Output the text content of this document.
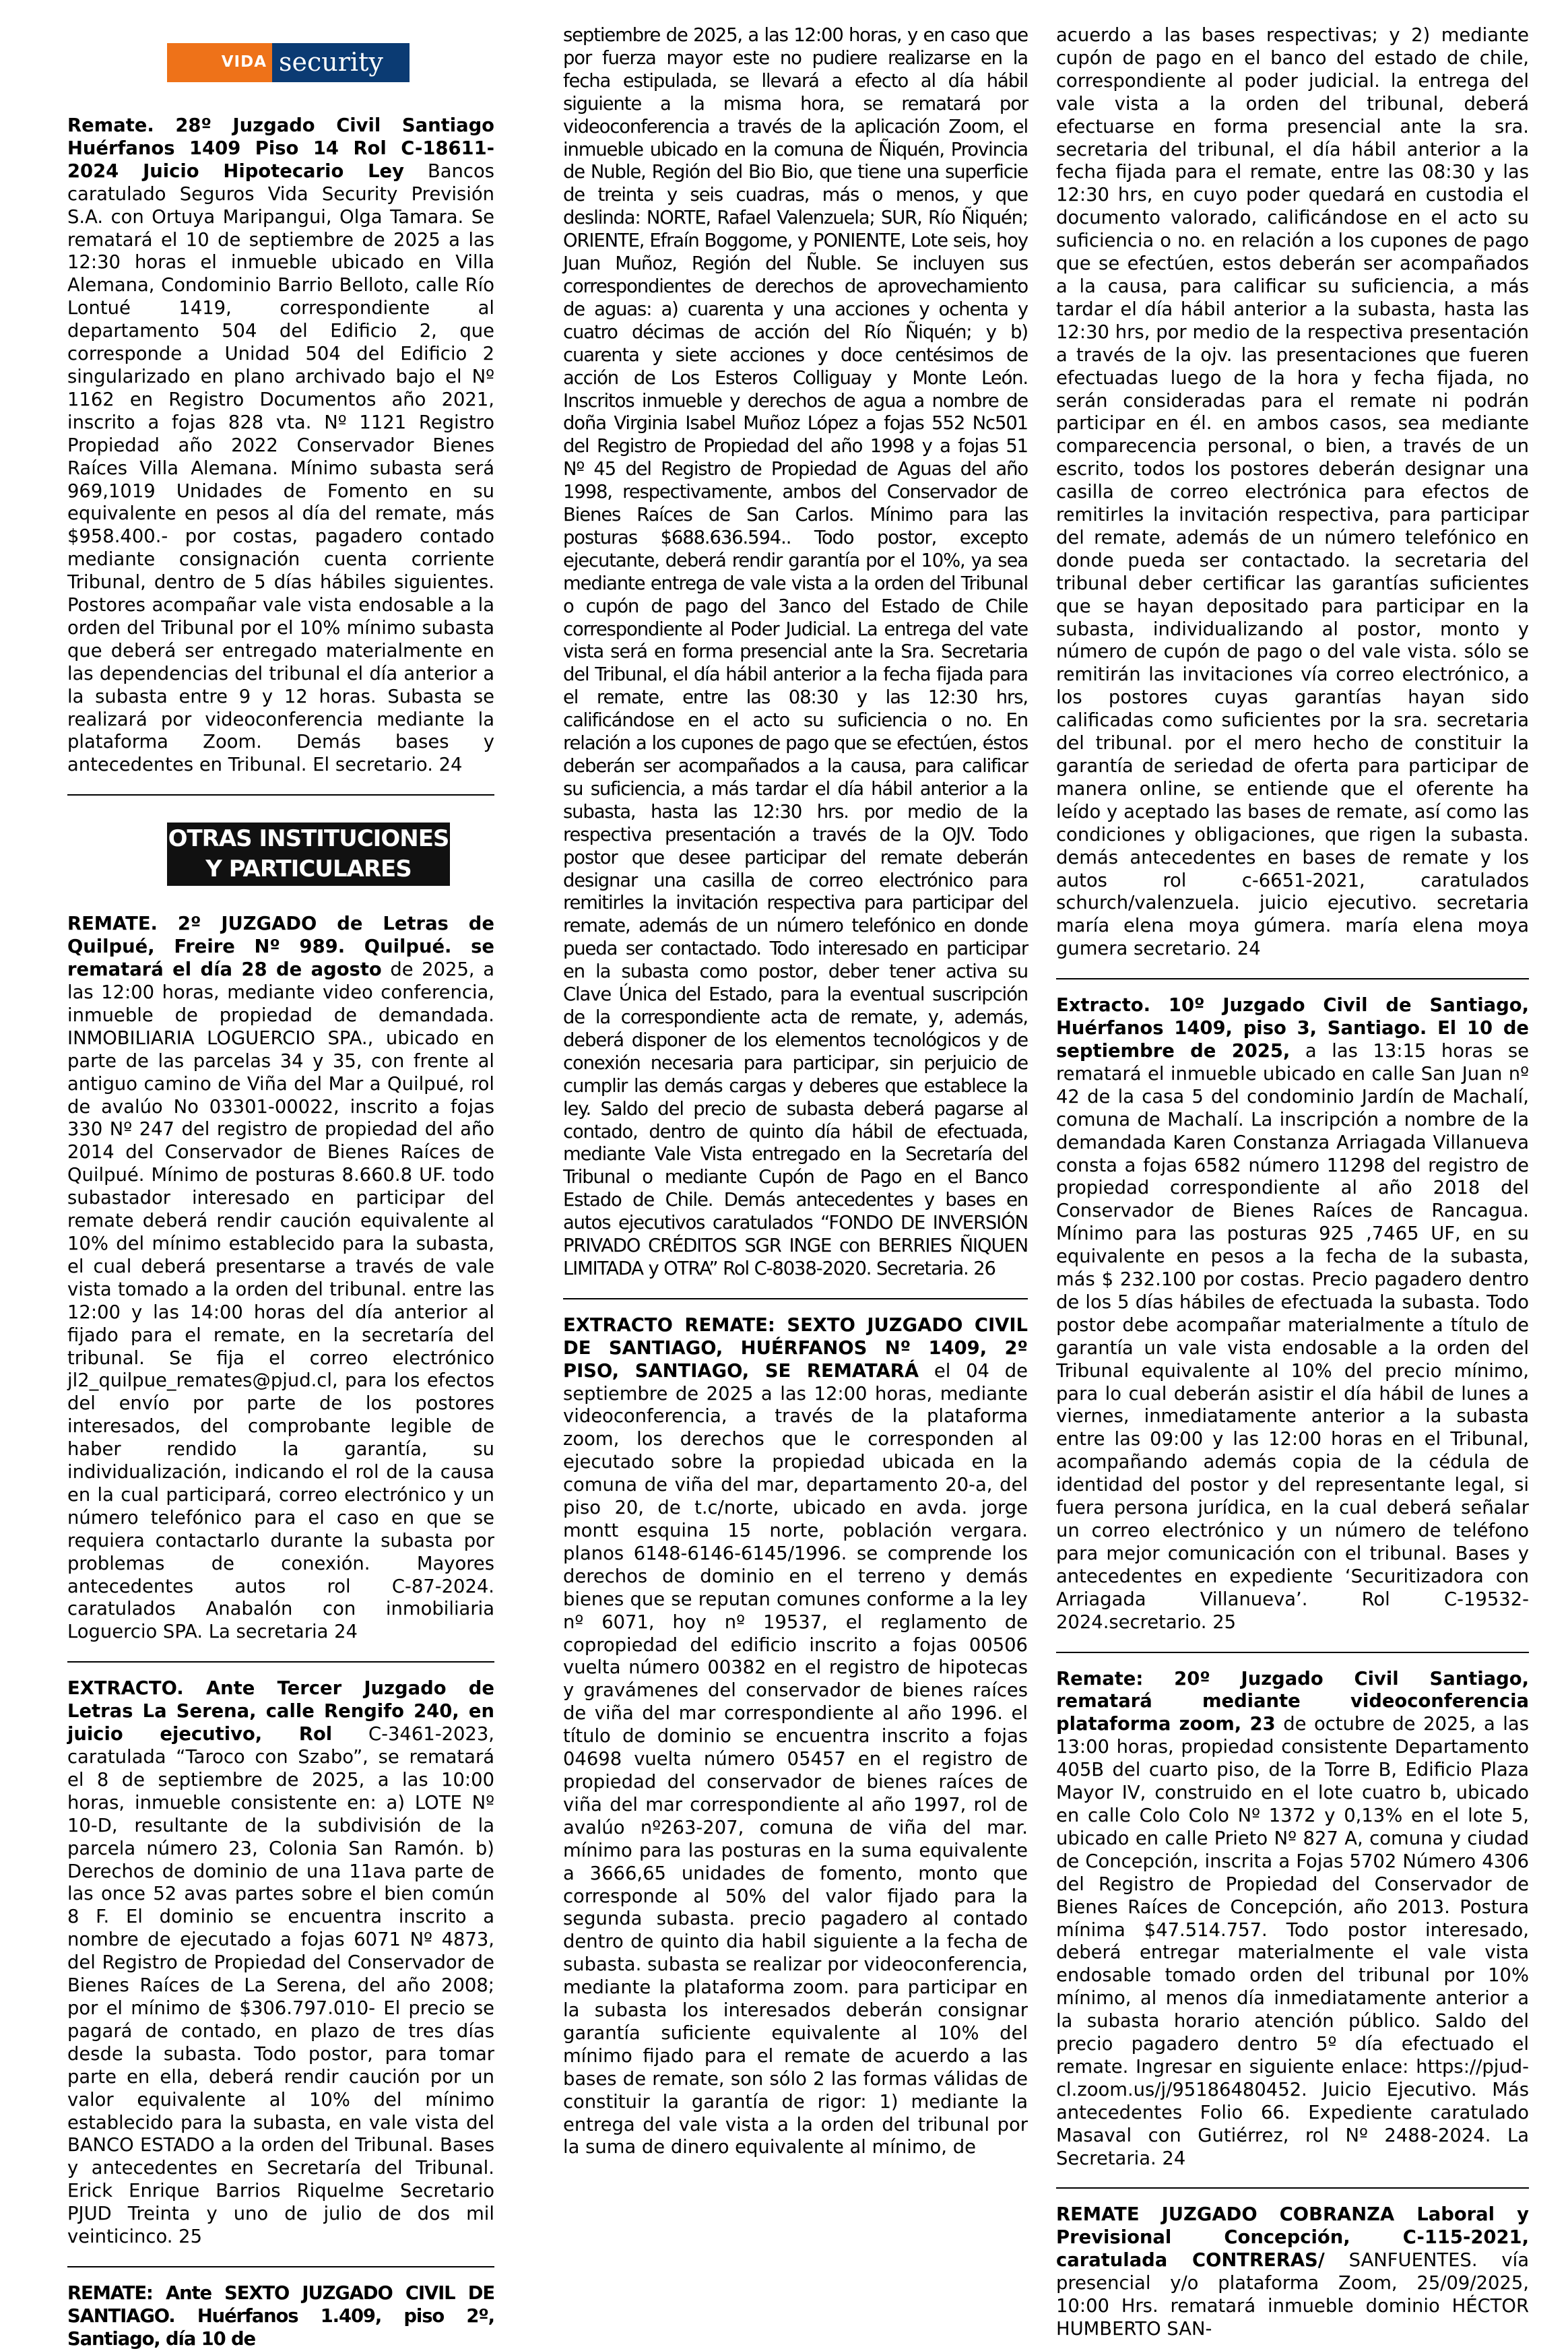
VIDA security

Remate. 28º Juzgado Civil Santiago Huérfanos 1409 Piso 14 Rol C-18611-2024 Juicio Hipotecario Ley Bancos caratulado Seguros Vida Security Previsión S.A. con Ortuya Maripangui, Olga Tamara. Se rematará el 10 de septiembre de 2025 a las 12:30 horas el inmueble ubicado en Villa Alemana, Condominio Barrio Belloto, calle Río Lontué 1419, correspondiente al departamento 504 del Edificio 2, que corresponde a Unidad 504 del Edificio 2 singularizado en plano archivado bajo el Nº 1162 en Registro Documentos año 2021, inscrito a fojas 828 vta. Nº 1121 Registro Propiedad año 2022 Conservador Bienes Raíces Villa Alemana. Mínimo subasta será 969,1019 Unidades de Fomento en su equivalente en pesos al día del remate, más $958.400.- por costas, pagadero contado mediante consignación cuenta corriente Tribunal, dentro de 5 días hábiles siguientes. Postores acompañar vale vista endosable a la orden del Tribunal por el 10% mínimo subasta que deberá ser entregado materialmente en las dependencias del tribunal el día anterior a la subasta entre 9 y 12 horas. Subasta se realizará por videoconferencia mediante la plataforma Zoom. Demás bases y antecedentes en Tribunal. El secretario. 24

OTRAS INSTITUCIONES
Y PARTICULARES

REMATE. 2º JUZGADO de Letras de Quilpué, Freire Nº 989. Quilpué. se rematará el día 28 de agosto de 2025, a las 12:00 horas, mediante video conferencia, inmueble de propiedad de demandada. INMOBILIARIA LOGUERCIO SPA., ubicado en parte de las parcelas 34 y 35, con frente al antiguo camino de Viña del Mar a Quilpué, rol de avalúo No 03301-00022, inscrito a fojas 330 Nº 247 del registro de propiedad del año 2014 del Conservador de Bienes Raíces de Quilpué. Mínimo de posturas 8.660.8 UF. todo subastador interesado en participar del remate deberá rendir caución equivalente al 10% del mínimo establecido para la subasta, el cual deberá presentarse a través de vale vista tomado a la orden del tribunal. entre las 12:00 y las 14:00 horas del día anterior al fijado para el remate, en la secretaría del tribunal. Se fija el correo electrónico jl2_quilpue_remates@pjud.cl, para los efectos del envío por parte de los postores interesados, del comprobante legible de haber rendido la garantía, su individualización, indicando el rol de la causa en la cual participará, correo electrónico y un número telefónico para el caso en que se requiera contactarlo durante la subasta por problemas de conexión. Mayores antecedentes autos rol C-87-2024. caratulados Anabalón con inmobiliaria Loguercio SPA. La secretaria 24

EXTRACTO. Ante Tercer Juzgado de Letras La Serena, calle Rengifo 240, en juicio ejecutivo, Rol C-3461-2023, caratulada “Taroco con Szabo”, se rematará el 8 de septiembre de 2025, a las 10:00 horas, inmueble consistente en: a) LOTE Nº 10-D, resultante de la subdivisión de la parcela número 23, Colonia San Ramón. b) Derechos de dominio de una 11ava parte de las once 52 avas partes sobre el bien común 8 F. El dominio se encuentra inscrito a nombre de ejecutado a fojas 6071 Nº 4873, del Registro de Propiedad del Conservador de Bienes Raíces de La Serena, del año 2008; por el mínimo de $306.797.010- El precio se pagará de contado, en plazo de tres días desde la subasta. Todo postor, para tomar parte en ella, deberá rendir caución por un valor equivalente al 10% del mínimo establecido para la subasta, en vale vista del BANCO ESTADO a la orden del Tribunal. Bases y antecedentes en Secretaría del Tribunal. Erick Enrique Barrios Riquelme Secretario PJUD Treinta y uno de julio de dos mil veinticinco. 25

REMATE: Ante SEXTO JUZGADO CIVIL DE SANTIAGO. Huérfanos 1.409, piso 2º, Santiago, día 10 de

septiembre de 2025, a las 12:00 horas, y en caso que por fuerza mayor este no pudiere realizarse en la fecha estipulada, se llevará a efecto al día hábil siguiente a la misma hora, se rematará por videoconferencia a través de la aplicación Zoom, el inmueble ubicado en la comuna de Ñiquén, Provincia de Nuble, Región del Bio Bio, que tiene una superficie de treinta y seis cuadras, más o menos, y que deslinda: NORTE, Rafael Valenzuela; SUR, Río Ñiquén; ORIENTE, Efraín Boggome, y PONIENTE, Lote seis, hoy Juan Muñoz, Región del Ñuble. Se incluyen sus correspondientes de derechos de aprovechamiento de aguas: a) cuarenta y una acciones y ochenta y cuatro décimas de acción del Río Ñiquén; y b) cuarenta y siete acciones y doce centésimos de acción de Los Esteros Colliguay y Monte León. Inscritos inmueble y derechos de agua a nombre de doña Virginia Isabel Muñoz López a fojas 552 Nc501 del Registro de Propiedad del año 1998 y a fojas 51 Nº 45 del Registro de Propiedad de Aguas del año 1998, respectivamente, ambos del Conservador de Bienes Raíces de San Carlos. Mínimo para las posturas $688.636.594.. Todo postor, excepto ejecutante, deberá rendir garantía por el 10%, ya sea mediante entrega de vale vista a la orden del Tribunal o cupón de pago del 3anco del Estado de Chile correspondiente al Poder Judicial. La entrega del vate vista será en forma presencial ante la Sra. Secretaria del Tribunal, el día hábil anterior a la fecha fijada para el remate, entre las 08:30 y las 12:30 hrs, calificándose en el acto su suficiencia o no. En relación a los cupones de pago que se efectúen, éstos deberán ser acompañados a la causa, para calificar su suficiencia, a más tardar el día hábil anterior a la subasta, hasta las 12:30 hrs. por medio de la respectiva presentación a través de la OJV. Todo postor que desee participar del remate deberán designar una casilla de correo electrónico para remitirles la invitación respectiva para participar del remate, además de un número telefónico en donde pueda ser contactado. Todo interesado en participar en la subasta como postor, deber tener activa su Clave Única del Estado, para la eventual suscripción de la correspondiente acta de remate, y, además, deberá disponer de los elementos tecnológicos y de conexión necesaria para participar, sin perjuicio de cumplir las demás cargas y deberes que establece la ley. Saldo del precio de subasta deberá pagarse al contado, dentro de quinto día hábil de efectuada, mediante Vale Vista entregado en la Secretaría del Tribunal o mediante Cupón de Pago en el Banco Estado de Chile. Demás antecedentes y bases en autos ejecutivos caratulados “FONDO DE INVERSIÓN PRIVADO CRÉDITOS SGR INGE con BERRIES ÑIQUEN LIMITADA y OTRA” Rol C-8038-2020. Secretaria. 26

EXTRACTO REMATE: SEXTO JUZGADO CIVIL DE SANTIAGO, HUÉRFANOS Nº 1409, 2º PISO, SANTIAGO, SE REMATARÁ el 04 de septiembre de 2025 a las 12:00 horas, mediante videoconferencia, a través de la plataforma zoom, los derechos que le corresponden al ejecutado sobre la propiedad ubicada en la comuna de viña del mar, departamento 20-a, del piso 20, de t.c/norte, ubicado en avda. jorge montt esquina 15 norte, población vergara. planos 6148-6146-6145/1996. se comprende los derechos de dominio en el terreno y demás bienes que se reputan comunes conforme a la ley nº 6071, hoy nº 19537, el reglamento de copropiedad del edificio inscrito a fojas 00506 vuelta número 00382 en el registro de hipotecas y gravámenes del conservador de bienes raíces de viña del mar correspondiente al año 1996. el título de dominio se encuentra inscrito a fojas 04698 vuelta número 05457 en el registro de propiedad del conservador de bienes raíces de viña del mar correspondiente al año 1997, rol de avalúo nº263-207, comuna de viña del mar. mínimo para las posturas en la suma equivalente a 3666,65 unidades de fomento, monto que corresponde al 50% del valor fijado para la segunda subasta. precio pagadero al contado dentro de quinto dia habil siguiente a la fecha de subasta. subasta se realizar por videoconferencia, mediante la plataforma zoom. para participar en la subasta los interesados deberán consignar garantía suficiente equivalente al 10% del mínimo fijado para el remate de acuerdo a las bases de remate, son sólo 2 las formas válidas de constituir la garantía de rigor: 1) mediante la entrega del vale vista a la orden del tribunal por la suma de dinero equivalente al mínimo, de

acuerdo a las bases respectivas; y 2) mediante cupón de pago en el banco del estado de chile, correspondiente al poder judicial. la entrega del vale vista a la orden del tribunal, deberá efectuarse en forma presencial ante la sra. secretaria del tribunal, el día hábil anterior a la fecha fijada para el remate, entre las 08:30 y las 12:30 hrs, en cuyo poder quedará en custodia el documento valorado, calificándose en el acto su suficiencia o no. en relación a los cupones de pago que se efectúen, estos deberán ser acompañados a la causa, para calificar su suficiencia, a más tardar el día hábil anterior a la subasta, hasta las 12:30 hrs, por medio de la respectiva presentación a través de la ojv. las presentaciones que fueren efectuadas luego de la hora y fecha fijada, no serán consideradas para el remate ni podrán participar en él. en ambos casos, sea mediante comparecencia personal, o bien, a través de un escrito, todos los postores deberán designar una casilla de correo electrónica para efectos de remitirles la invitación respectiva, para participar del remate, además de un número telefónico en donde pueda ser contactado. la secretaria del tribunal deber certificar las garantías suficientes que se hayan depositado para participar en la subasta, individualizando al postor, monto y número de cupón de pago o del vale vista. sólo se remitirán las invitaciones vía correo electrónico, a los postores cuyas garantías hayan sido calificadas como suficientes por la sra. secretaria del tribunal. por el mero hecho de constituir la garantía de seriedad de oferta para participar de manera online, se entiende que el oferente ha leído y aceptado las bases de remate, así como las condiciones y obligaciones, que rigen la subasta. demás antecedentes en bases de remate y los autos rol c-6651-2021, caratulados schurch/valenzuela. juicio ejecutivo. secretaria maría elena moya gúmera. maría elena moya gumera secretario. 24

Extracto. 10º Juzgado Civil de Santiago, Huérfanos 1409, piso 3, Santiago. El 10 de septiembre de 2025, a las 13:15 horas se rematará el inmueble ubicado en calle San Juan nº 42 de la casa 5 del condominio Jardín de Machalí, comuna de Machalí. La inscripción a nombre de la demandada Karen Constanza Arriagada Villanueva consta a fojas 6582 número 11298 del registro de propiedad correspondiente al año 2018 del Conservador de Bienes Raíces de Rancagua. Mínimo para las posturas 925 ,7465 UF, en su equivalente en pesos a la fecha de la subasta, más $ 232.100 por costas. Precio pagadero dentro de los 5 días hábiles de efectuada la subasta. Todo postor debe acompañar materialmente a título de garantía un vale vista endosable a la orden del Tribunal equivalente al 10% del precio mínimo, para lo cual deberán asistir el día hábil de lunes a viernes, inmediatamente anterior a la subasta entre las 09:00 y las 12:00 horas en el Tribunal, acompañando además copia de la cédula de identidad del postor y del representante legal, si fuera persona jurídica, en la cual deberá señalar un correo electrónico y un número de teléfono para mejor comunicación con el tribunal. Bases y antecedentes en expediente ‘Securitizadora con Arriagada Villanueva’. Rol C-19532-2024.secretario. 25

Remate: 20º Juzgado Civil Santiago, rematará mediante videoconferencia plataforma zoom, 23 de octubre de 2025, a las 13:00 horas, propiedad consistente Departamento 405B del cuarto piso, de la Torre B, Edificio Plaza Mayor IV, construido en el lote cuatro b, ubicado en calle Colo Colo Nº 1372 y 0,13% en el lote 5, ubicado en calle Prieto Nº 827 A, comuna y ciudad de Concepción, inscrita a Fojas 5702 Número 4306 del Registro de Propiedad del Conservador de Bienes Raíces de Concepción, año 2013. Postura mínima $47.514.757. Todo postor interesado, deberá entregar materialmente el vale vista endosable tomado orden del tribunal por 10% mínimo, al menos día inmediatamente anterior a la subasta horario atención público. Saldo del precio pagadero dentro 5º día efectuado el remate. Ingresar en siguiente enlace: https://pjud-cl.zoom.us/j/95186480452. Juicio Ejecutivo. Más antecedentes Folio 66. Expediente caratulado Masaval con Gutiérrez, rol Nº 2488-2024. La Secretaria. 24

REMATE JUZGADO COBRANZA Laboral y Previsional Concepción, C-115-2021, caratulada CONTRERAS/ SANFUENTES. vía presencial y/o plataforma Zoom, 25/09/2025, 10:00 Hrs. rematará inmueble dominio HÉCTOR HUMBERTO SAN-
